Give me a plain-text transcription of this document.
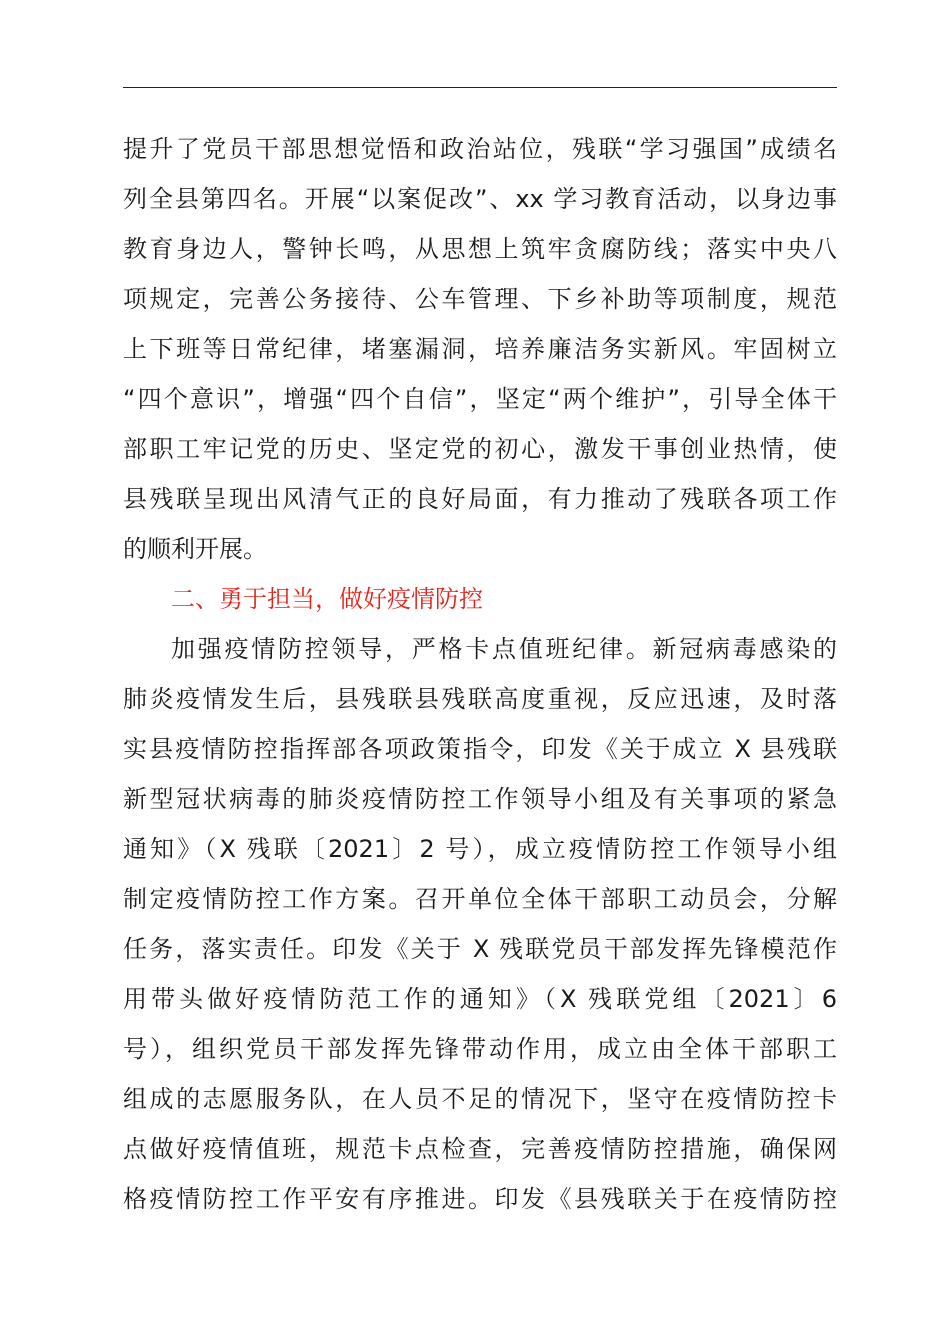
提升了党员干部思想觉悟和政治站位，残联“学习强国”成绩名
列全县第四名。开展“以案促改”、xx 学习教育活动，以身边事
教育身边人，警钟长鸣，从思想上筑牢贪腐防线；落实中央八
项规定，完善公务接待、公车管理、下乡补助等项制度，规范
上下班等日常纪律，堵塞漏洞，培养廉洁务实新风。牢固树立
“四个意识”，增强“四个自信”，坚定“两个维护”，引导全体干
部职工牢记党的历史、坚定党的初心，激发干事创业热情，使
县残联呈现出风清气正的良好局面，有力推动了残联各项工作
的顺利开展。
二、勇于担当，做好疫情防控
加强疫情防控领导，严格卡点值班纪律。新冠病毒感染的
肺炎疫情发生后，县残联县残联高度重视，反应迅速，及时落
实县疫情防控指挥部各项政策指令，印发《关于成立 X 县残联
新型冠状病毒的肺炎疫情防控工作领导小组及有关事项的紧急
通知》（X 残联〔2021〕2 号），成立疫情防控工作领导小组
制定疫情防控工作方案。召开单位全体干部职工动员会，分解
任务，落实责任。印发《关于 X 残联党员干部发挥先锋模范作
用带头做好疫情防范工作的通知》（X 残联党组〔2021〕6
号），组织党员干部发挥先锋带动作用，成立由全体干部职工
组成的志愿服务队，在人员不足的情况下，坚守在疫情防控卡
点做好疫情值班，规范卡点检查，完善疫情防控措施，确保网
格疫情防控工作平安有序推进。印发《县残联关于在疫情防控
